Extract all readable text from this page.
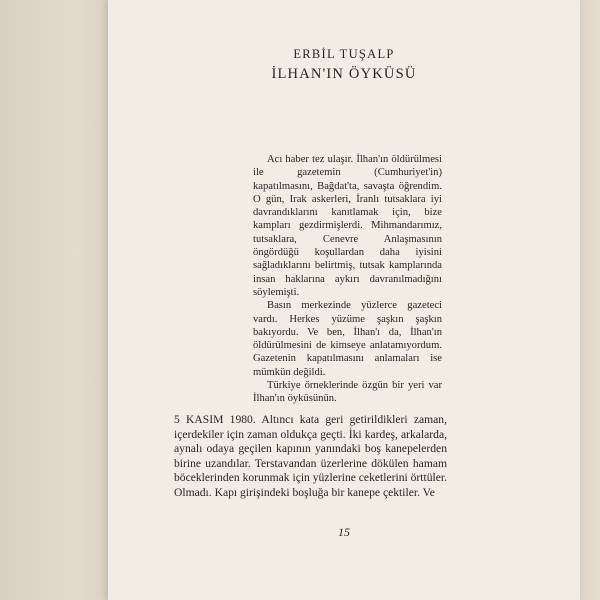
ERBİL TUŞALP
İLHAN'IN ÖYKÜSÜ

Acı haber tez ulaşır. İlhan'ın öldürülmesi ile gazetemin (Cumhuriyet'in) kapatılmasını, Bağdat'ta, savaşta öğrendim. O gün, Irak askerleri, İranlı tutsaklara iyi davrandıklarını kanıtlamak için, bize kampları gezdirmişlerdi. Mihmandarımız, tutsaklara, Cenevre Anlaşmasının öngördüğü koşullardan daha iyisini sağladıklarını belirtmiş, tutsak kamplarında insan haklarına aykırı davranılmadığını söylemişti.

Basın merkezinde yüzlerce gazeteci vardı. Herkes yüzüme şaşkın şaşkın bakıyordu. Ve ben, İlhan'ı da, İlhan'ın öldürülmesini de kimseye anlatamıyordum. Gazetenin kapatılmasını anlamaları ise mümkün değildi.

Türkiye örneklerinde özgün bir yeri var İlhan'ın öyküsünün.

5 KASIM 1980. Altıncı kata geri getirildikleri zaman, içerdekiler için zaman oldukça geçti. İki kardeş, arkalarda, aynalı odaya geçilen kapının yanındaki boş kanepelerden birine uzandılar. Terstavandan üzerlerine dökülen hamam böceklerinden korunmak için yüzlerine ceketlerini örttüler. Olmadı. Kapı girişindeki boşluğa bir kanepe çektiler. Ve

15
